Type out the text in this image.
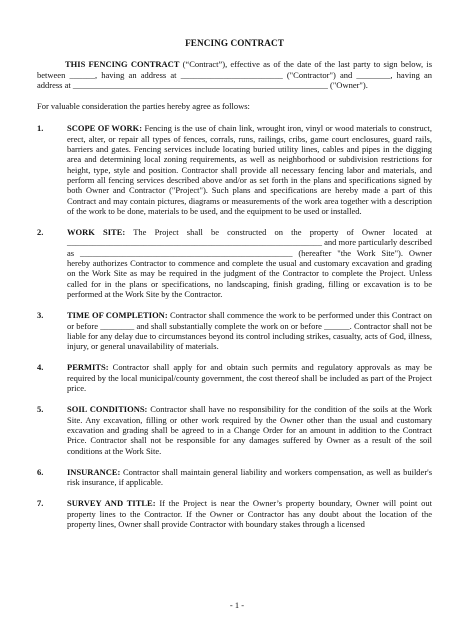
FENCING CONTRACT

THIS FENCING CONTRACT (“Contract”), effective as of the date of the last party to sign below, is between ______, having an address at ________________________ ("Contractor") and ________, having an address at ____________________________________________________________ ("Owner").

For valuable consideration the parties hereby agree as follows:

1.	SCOPE OF WORK: Fencing is the use of chain link, wrought iron, vinyl or wood materials to construct, erect, alter, or repair all types of fences, corrals, runs, railings, cribs, game court enclosures, guard rails, barriers and gates. Fencing services include locating buried utility lines, cables and pipes in the digging area and determining local zoning requirements, as well as neighborhood or subdivision restrictions for height, type, style and position. Contractor shall provide all necessary fencing labor and materials, and perform all fencing services described above and/or as set forth in the plans and specifications signed by both Owner and Contractor ("Project"). Such plans and specifications are hereby made a part of this Contract and may contain pictures, diagrams or measurements of the work area together with a description of the work to be done, materials to be used, and the equipment to be used or installed.
2.	WORK SITE: The Project shall be constructed on the property of Owner located at ____________________________________________________________ and more particularly described as __________________________________________________ (hereafter "the Work Site"). Owner hereby authorizes Contractor to commence and complete the usual and customary excavation and grading on the Work Site as may be required in the judgment of the Contractor to complete the Project. Unless called for in the plans or specifications, no landscaping, finish grading, filling or excavation is to be performed at the Work Site by the Contractor.
3.	TIME OF COMPLETION: Contractor shall commence the work to be performed under this Contract on or before ________ and shall substantially complete the work on or before ______. Contractor shall not be liable for any delay due to circumstances beyond its control including strikes, casualty, acts of God, illness, injury, or general unavailability of materials.
4.	PERMITS: Contractor shall apply for and obtain such permits and regulatory approvals as may be required by the local municipal/county government, the cost thereof shall be included as part of the Project price.
5.	SOIL CONDITIONS: Contractor shall have no responsibility for the condition of the soils at the Work Site. Any excavation, filling or other work required by the Owner other than the usual and customary excavation and grading shall be agreed to in a Change Order for an amount in addition to the Contract Price. Contractor shall not be responsible for any damages suffered by Owner as a result of the soil conditions at the Work Site.
6.	INSURANCE: Contractor shall maintain general liability and workers compensation, as well as builder's risk insurance, if applicable.
7.	SURVEY AND TITLE: If the Project is near the Owner’s property boundary, Owner will point out property lines to the Contractor. If the Owner or Contractor has any doubt about the location of the property lines, Owner shall provide Contractor with boundary stakes through a licensed
- 1 -
